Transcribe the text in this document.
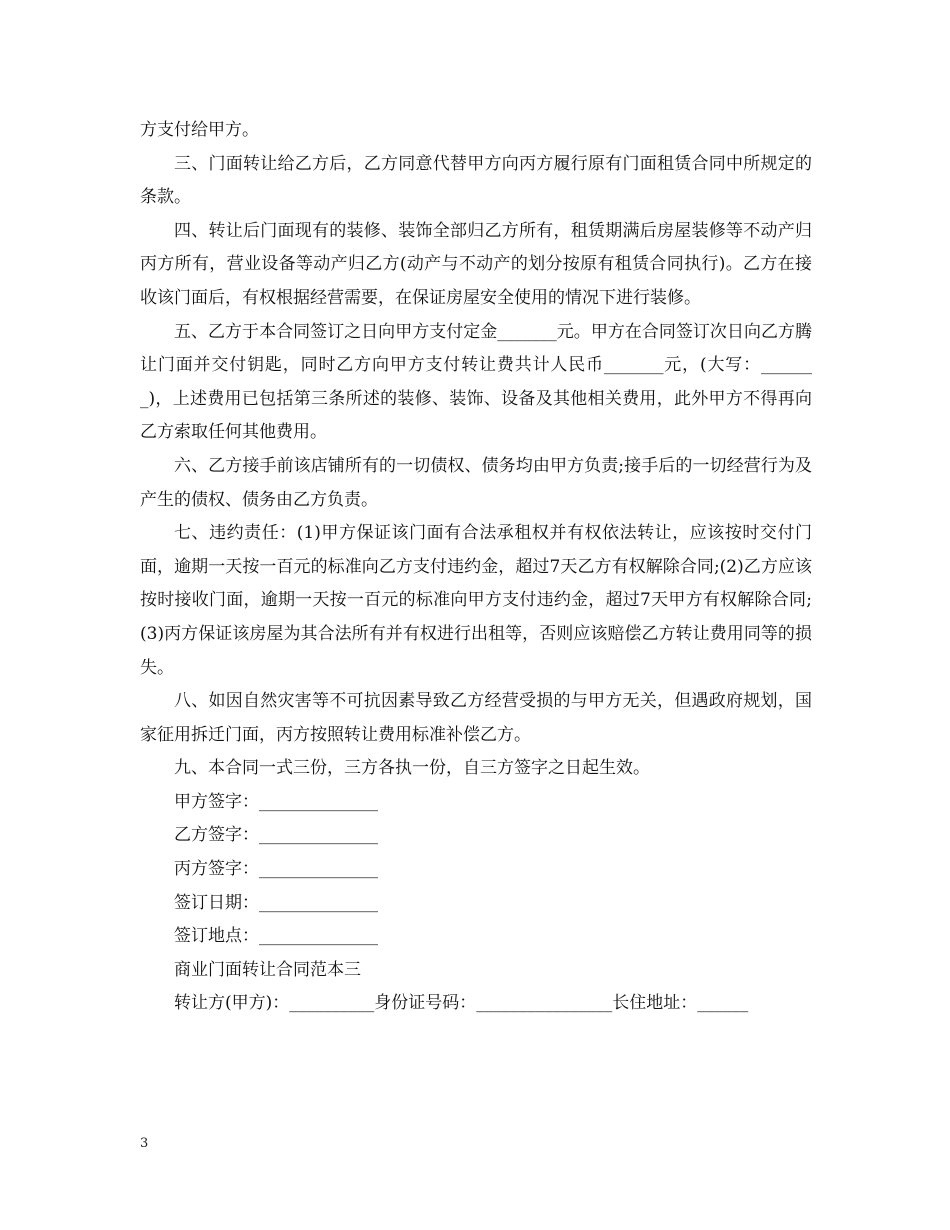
方支付给甲方。

三、门面转让给乙方后，乙方同意代替甲方向丙方履行原有门面租赁合同中所规定的条款。

四、转让后门面现有的装修、装饰全部归乙方所有，租赁期满后房屋装修等不动产归丙方所有，营业设备等动产归乙方(动产与不动产的划分按原有租赁合同执行)。乙方在接收该门面后，有权根据经营需要，在保证房屋安全使用的情况下进行装修。

五、乙方于本合同签订之日向甲方支付定金_______元。甲方在合同签订次日向乙方腾让门面并交付钥匙，同时乙方向甲方支付转让费共计人民币_______元，(大写：_______)，上述费用已包括第三条所述的装修、装饰、设备及其他相关费用，此外甲方不得再向乙方索取任何其他费用。

六、乙方接手前该店铺所有的一切债权、债务均由甲方负责;接手后的一切经营行为及产生的债权、债务由乙方负责。

七、违约责任：(1)甲方保证该门面有合法承租权并有权依法转让，应该按时交付门面，逾期一天按一百元的标准向乙方支付违约金，超过7天乙方有权解除合同;(2)乙方应该按时接收门面，逾期一天按一百元的标准向甲方支付违约金，超过7天甲方有权解除合同;(3)丙方保证该房屋为其合法所有并有权进行出租等，否则应该赔偿乙方转让费用同等的损失。

八、如因自然灾害等不可抗因素导致乙方经营受损的与甲方无关，但遇政府规划，国家征用拆迁门面，丙方按照转让费用标准补偿乙方。

九、本合同一式三份，三方各执一份，自三方签字之日起生效。

甲方签字：______________

乙方签字：______________

丙方签字：______________

签订日期：______________

签订地点：______________

商业门面转让合同范本三

转让方(甲方)：__________身份证号码：________________长住地址：______

3
